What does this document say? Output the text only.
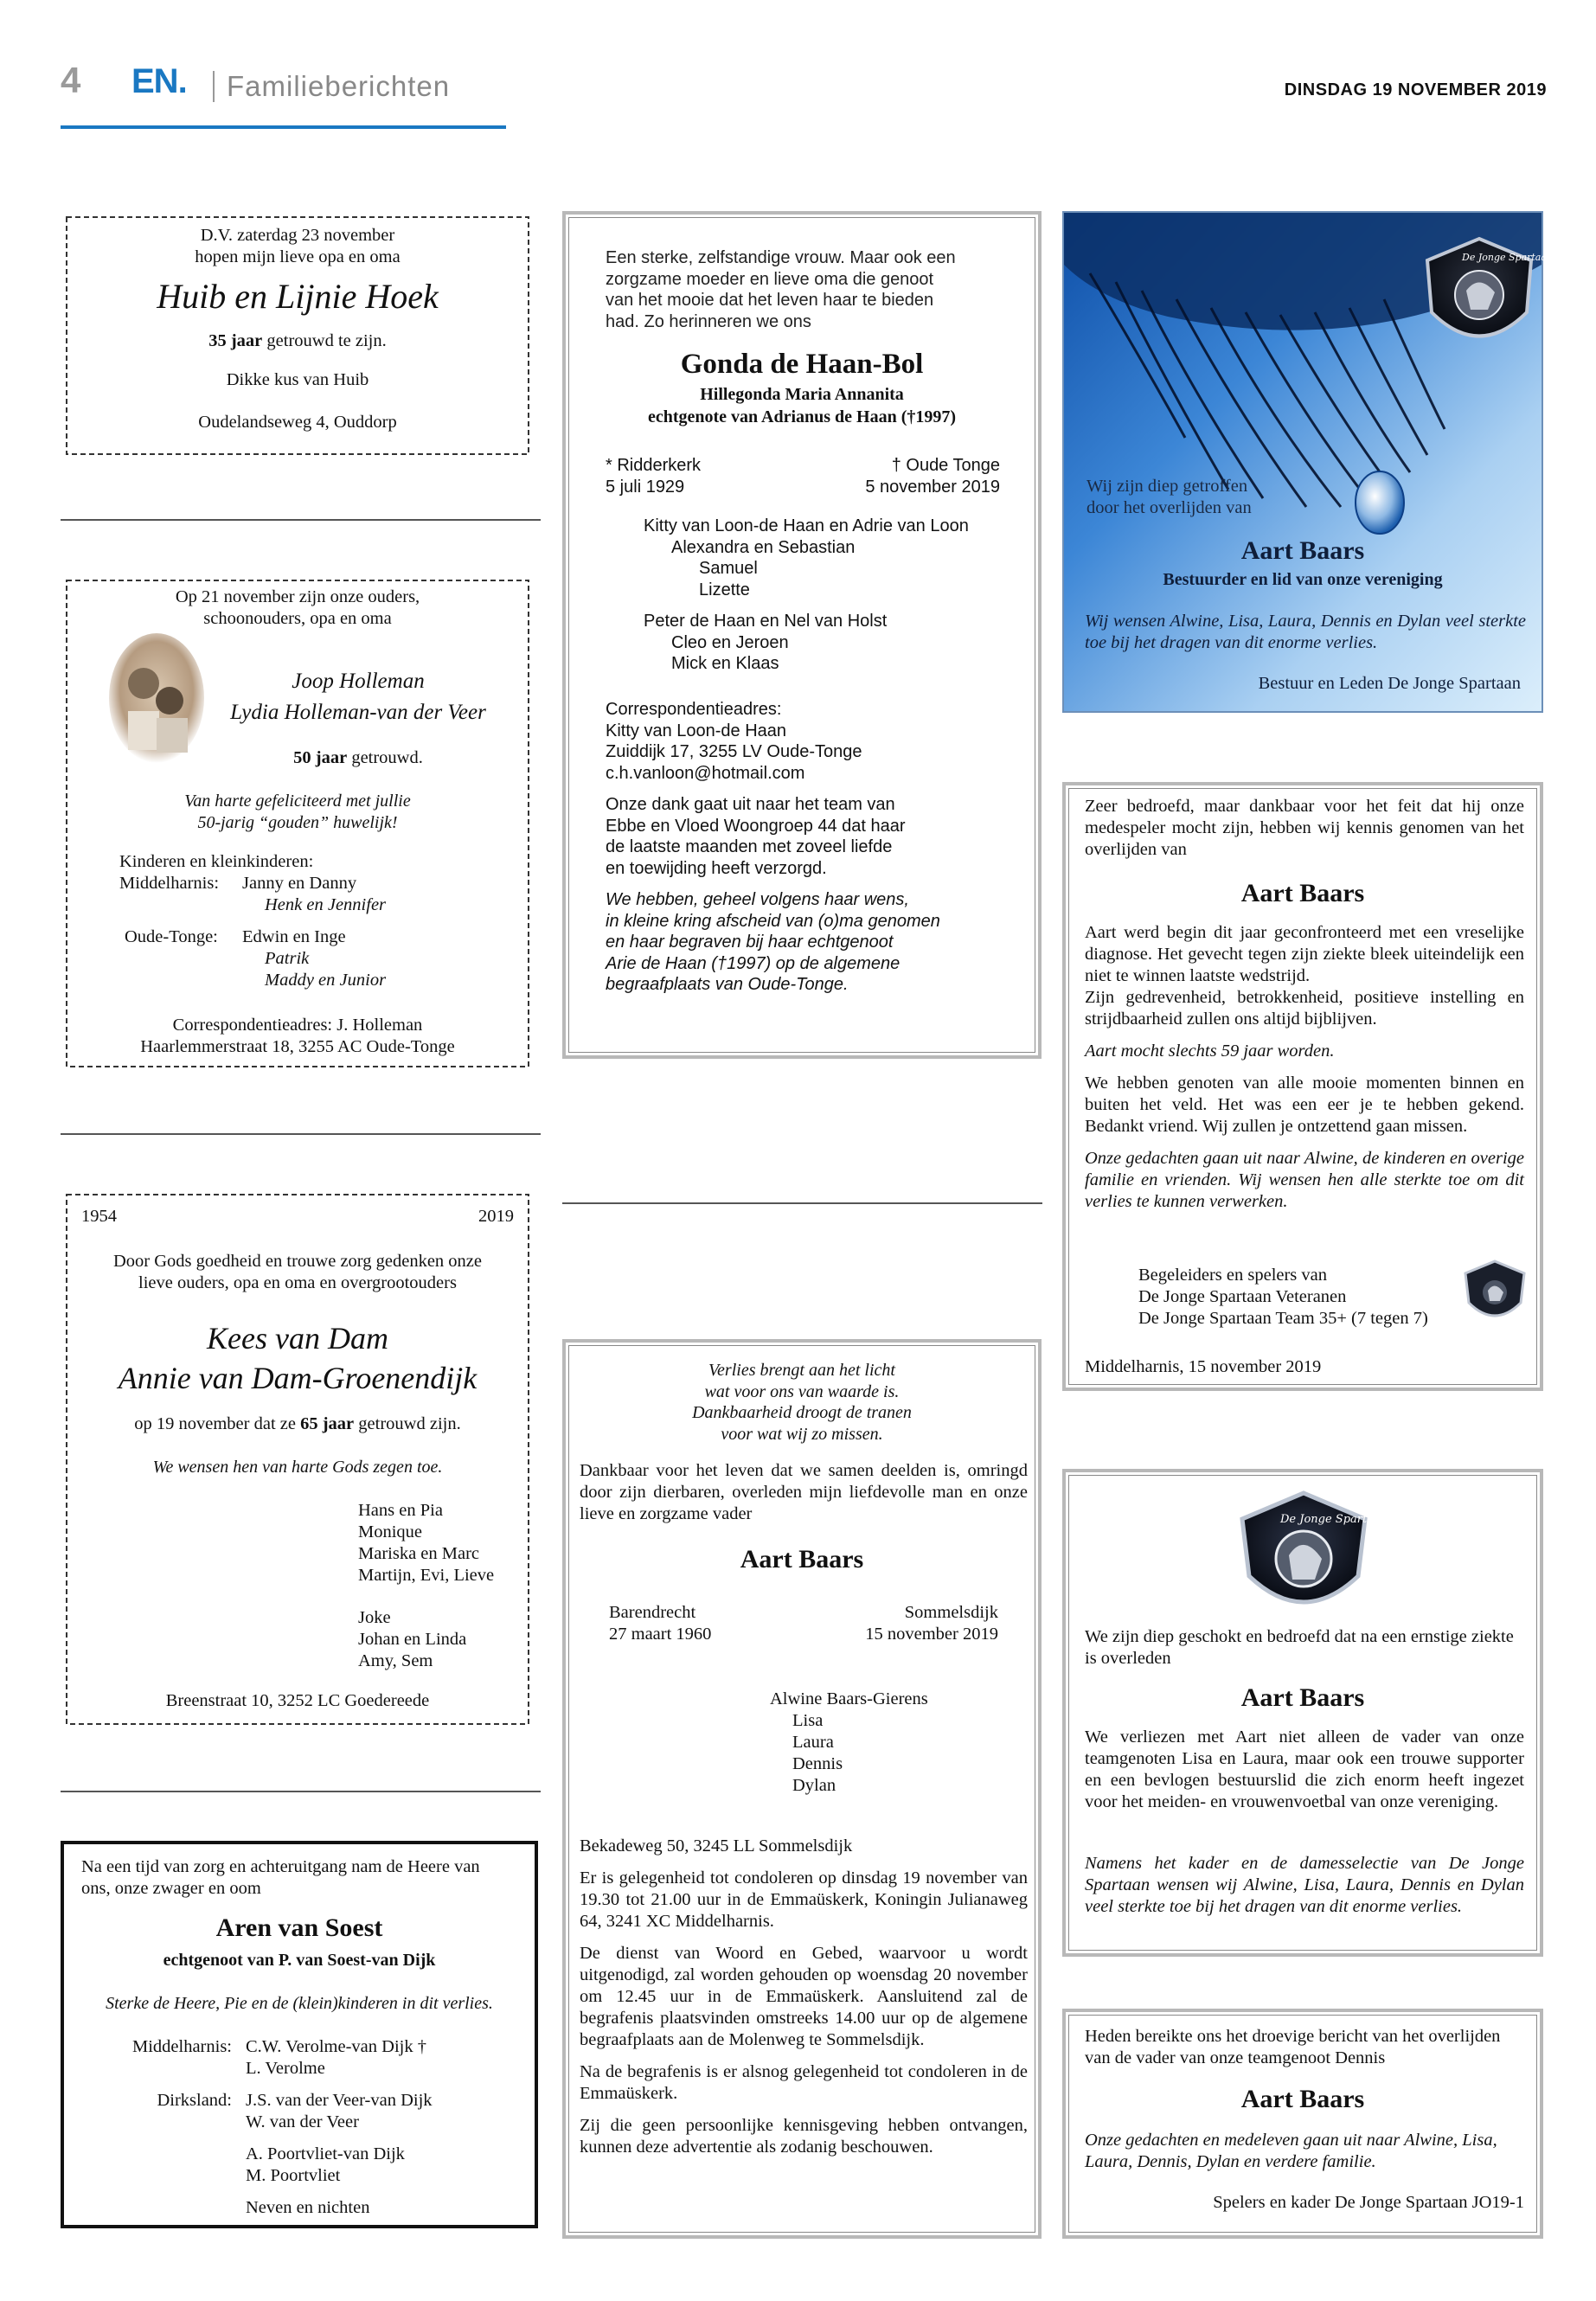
4 EN. Familieberichten	DINSDAG 19 NOVEMBER 2019

D.V. zaterdag 23 november

hopen mijn lieve opa en oma

Huib en Lijnie Hoek

35 jaar getrouwd te zijn.

Dikke kus van Huib

Oudelandseweg 4, Ouddorp

Op 21 november zijn onze ouders,

schoonouders, opa en oma

Joop Holleman

Lydia Holleman-van der Veer

50 jaar getrouwd.

Van harte gefeliciteerd met jullie

50-jarig “gouden” huwelijk!

Kinderen en kleinkinderen:

Middelharnis: Janny en Danny
Henk en Jennifer
Oude-Tonge: Edwin en Inge
Patrik
Maddy en Junior

Correspondentieadres: J. Holleman

Haarlemmerstraat 18, 3255 AC Oude-Tonge

1954	2019

Door Gods goedheid en trouwe zorg gedenken onze

lieve ouders, opa en oma en overgrootouders

Kees van Dam

Annie van Dam-Groenendijk

op 19 november dat ze 65 jaar getrouwd zijn.

We wensen hen van harte Gods zegen toe.

Hans en Pia

Monique

Mariska en Marc

Martijn, Evi, Lieve

Joke

Johan en Linda

Amy, Sem

Breenstraat 10, 3252 LC Goedereede

Na een tijd van zorg en achteruitgang nam de Heere van

ons, onze zwager en oom

Aren van Soest

echtgenoot van P. van Soest-van Dijk

Sterke de Heere, Pie en de (klein)kinderen in dit verlies.

Middelharnis: C.W. Verolme-van Dijk †
L. Verolme
Dirksland: J.S. van der Veer-van Dijk
W. van der Veer
A. Poortvliet-van Dijk
M. Poortvliet
Neven en nichten

Een sterke, zelfstandige vrouw. Maar ook een

zorgzame moeder en lieve oma die genoot

van het mooie dat het leven haar te bieden

had. Zo herinneren we ons

Gonda de Haan-Bol

Hillegonda Maria Annanita

echtgenote van Adrianus de Haan (†1997)

* Ridderkerk
5 juli 1929
† Oude Tonge
5 november 2019

Kitty van Loon-de Haan en Adrie van Loon

Alexandra en Sebastian

Samuel

Lizette

Peter de Haan en Nel van Holst

Cleo en Jeroen

Mick en Klaas

Correspondentieadres:

Kitty van Loon-de Haan

Zuiddijk 17, 3255 LV Oude-Tonge

c.h.vanloon@hotmail.com

Onze dank gaat uit naar het team van

Ebbe en Vloed Woongroep 44 dat haar

de laatste maanden met zoveel liefde

en toewijding heeft verzorgd.

We hebben, geheel volgens haar wens,

in kleine kring afscheid van (o)ma genomen

en haar begraven bij haar echtgenoot

Arie de Haan (†1997) op de algemene

begraafplaats van Oude-Tonge.

Verlies brengt aan het licht

wat voor ons van waarde is.

Dankbaarheid droogt de tranen

voor wat wij zo missen.

Dankbaar voor het leven dat we samen deelden is, omringd door zijn dierbaren, overleden mijn liefdevolle man en onze lieve en zorgzame vader

Aart Baars

Barendrecht
27 maart 1960
Sommelsdijk
15 november 2019

Alwine Baars-Gierens

Lisa

Laura

Dennis

Dylan

Bekadeweg 50, 3245 LL Sommelsdijk

Er is gelegenheid tot condoleren op dinsdag 19 november van 19.30 tot 21.00 uur in de Emmaüskerk, Koningin Julianaweg 64, 3241 XC Middelharnis.

De dienst van Woord en Gebed, waarvoor u wordt uitgenodigd, zal worden gehouden op woensdag 20 november om 12.45 uur in de Emmaüskerk. Aansluitend zal de begrafenis plaatsvinden omstreeks 14.00 uur op de algemene begraafplaats aan de Molenweg te Sommelsdijk.

Na de begrafenis is er alsnog gelegenheid tot condoleren in de Emmaüskerk.

Zij die geen persoonlijke kennisgeving hebben ontvangen, kunnen deze advertentie als zodanig beschouwen.

De Jonge Spartaan

Wij zijn diep getroffen

door het overlijden van

Aart Baars

Bestuurder en lid van onze vereniging

Wij wensen Alwine, Lisa, Laura, Dennis en Dylan veel sterkte toe bij het dragen van dit enorme verlies.

Bestuur en Leden De Jonge Spartaan

Zeer bedroefd, maar dankbaar voor het feit dat hij onze medespeler mocht zijn, hebben wij kennis genomen van het overlijden van

Aart Baars

Aart werd begin dit jaar geconfronteerd met een vreselijke diagnose. Het gevecht tegen zijn ziekte bleek uiteindelijk een niet te winnen laatste wedstrijd.

Zijn gedrevenheid, betrokkenheid, positieve instelling en strijdbaarheid zullen ons altijd bijblijven.

Aart mocht slechts 59 jaar worden.

We hebben genoten van alle mooie momenten binnen en buiten het veld. Het was een eer je te hebben gekend. Bedankt vriend. Wij zullen je ontzettend gaan missen.

Onze gedachten gaan uit naar Alwine, de kinderen en overige familie en vrienden. Wij wensen hen alle sterkte toe om dit verlies te kunnen verwerken.

Begeleiders en spelers van

De Jonge Spartaan Veteranen

De Jonge Spartaan Team 35+ (7 tegen 7)

Middelharnis, 15 november 2019

De Jonge Spartaan

We zijn diep geschokt en bedroefd dat na een ernstige ziekte is overleden

Aart Baars

We verliezen met Aart niet alleen de vader van onze teamgenoten Lisa en Laura, maar ook een trouwe supporter en een bevlogen bestuurslid die zich enorm heeft ingezet voor het meiden- en vrouwenvoetbal van onze vereniging.

Namens het kader en de damesselectie van De Jonge Spartaan wensen wij Alwine, Lisa, Laura, Dennis en Dylan veel sterkte toe bij het dragen van dit enorme verlies.

Heden bereikte ons het droevige bericht van het overlijden van de vader van onze teamgenoot Dennis

Aart Baars

Onze gedachten en medeleven gaan uit naar Alwine, Lisa, Laura, Dennis, Dylan en verdere familie.

Spelers en kader De Jonge Spartaan JO19-1
